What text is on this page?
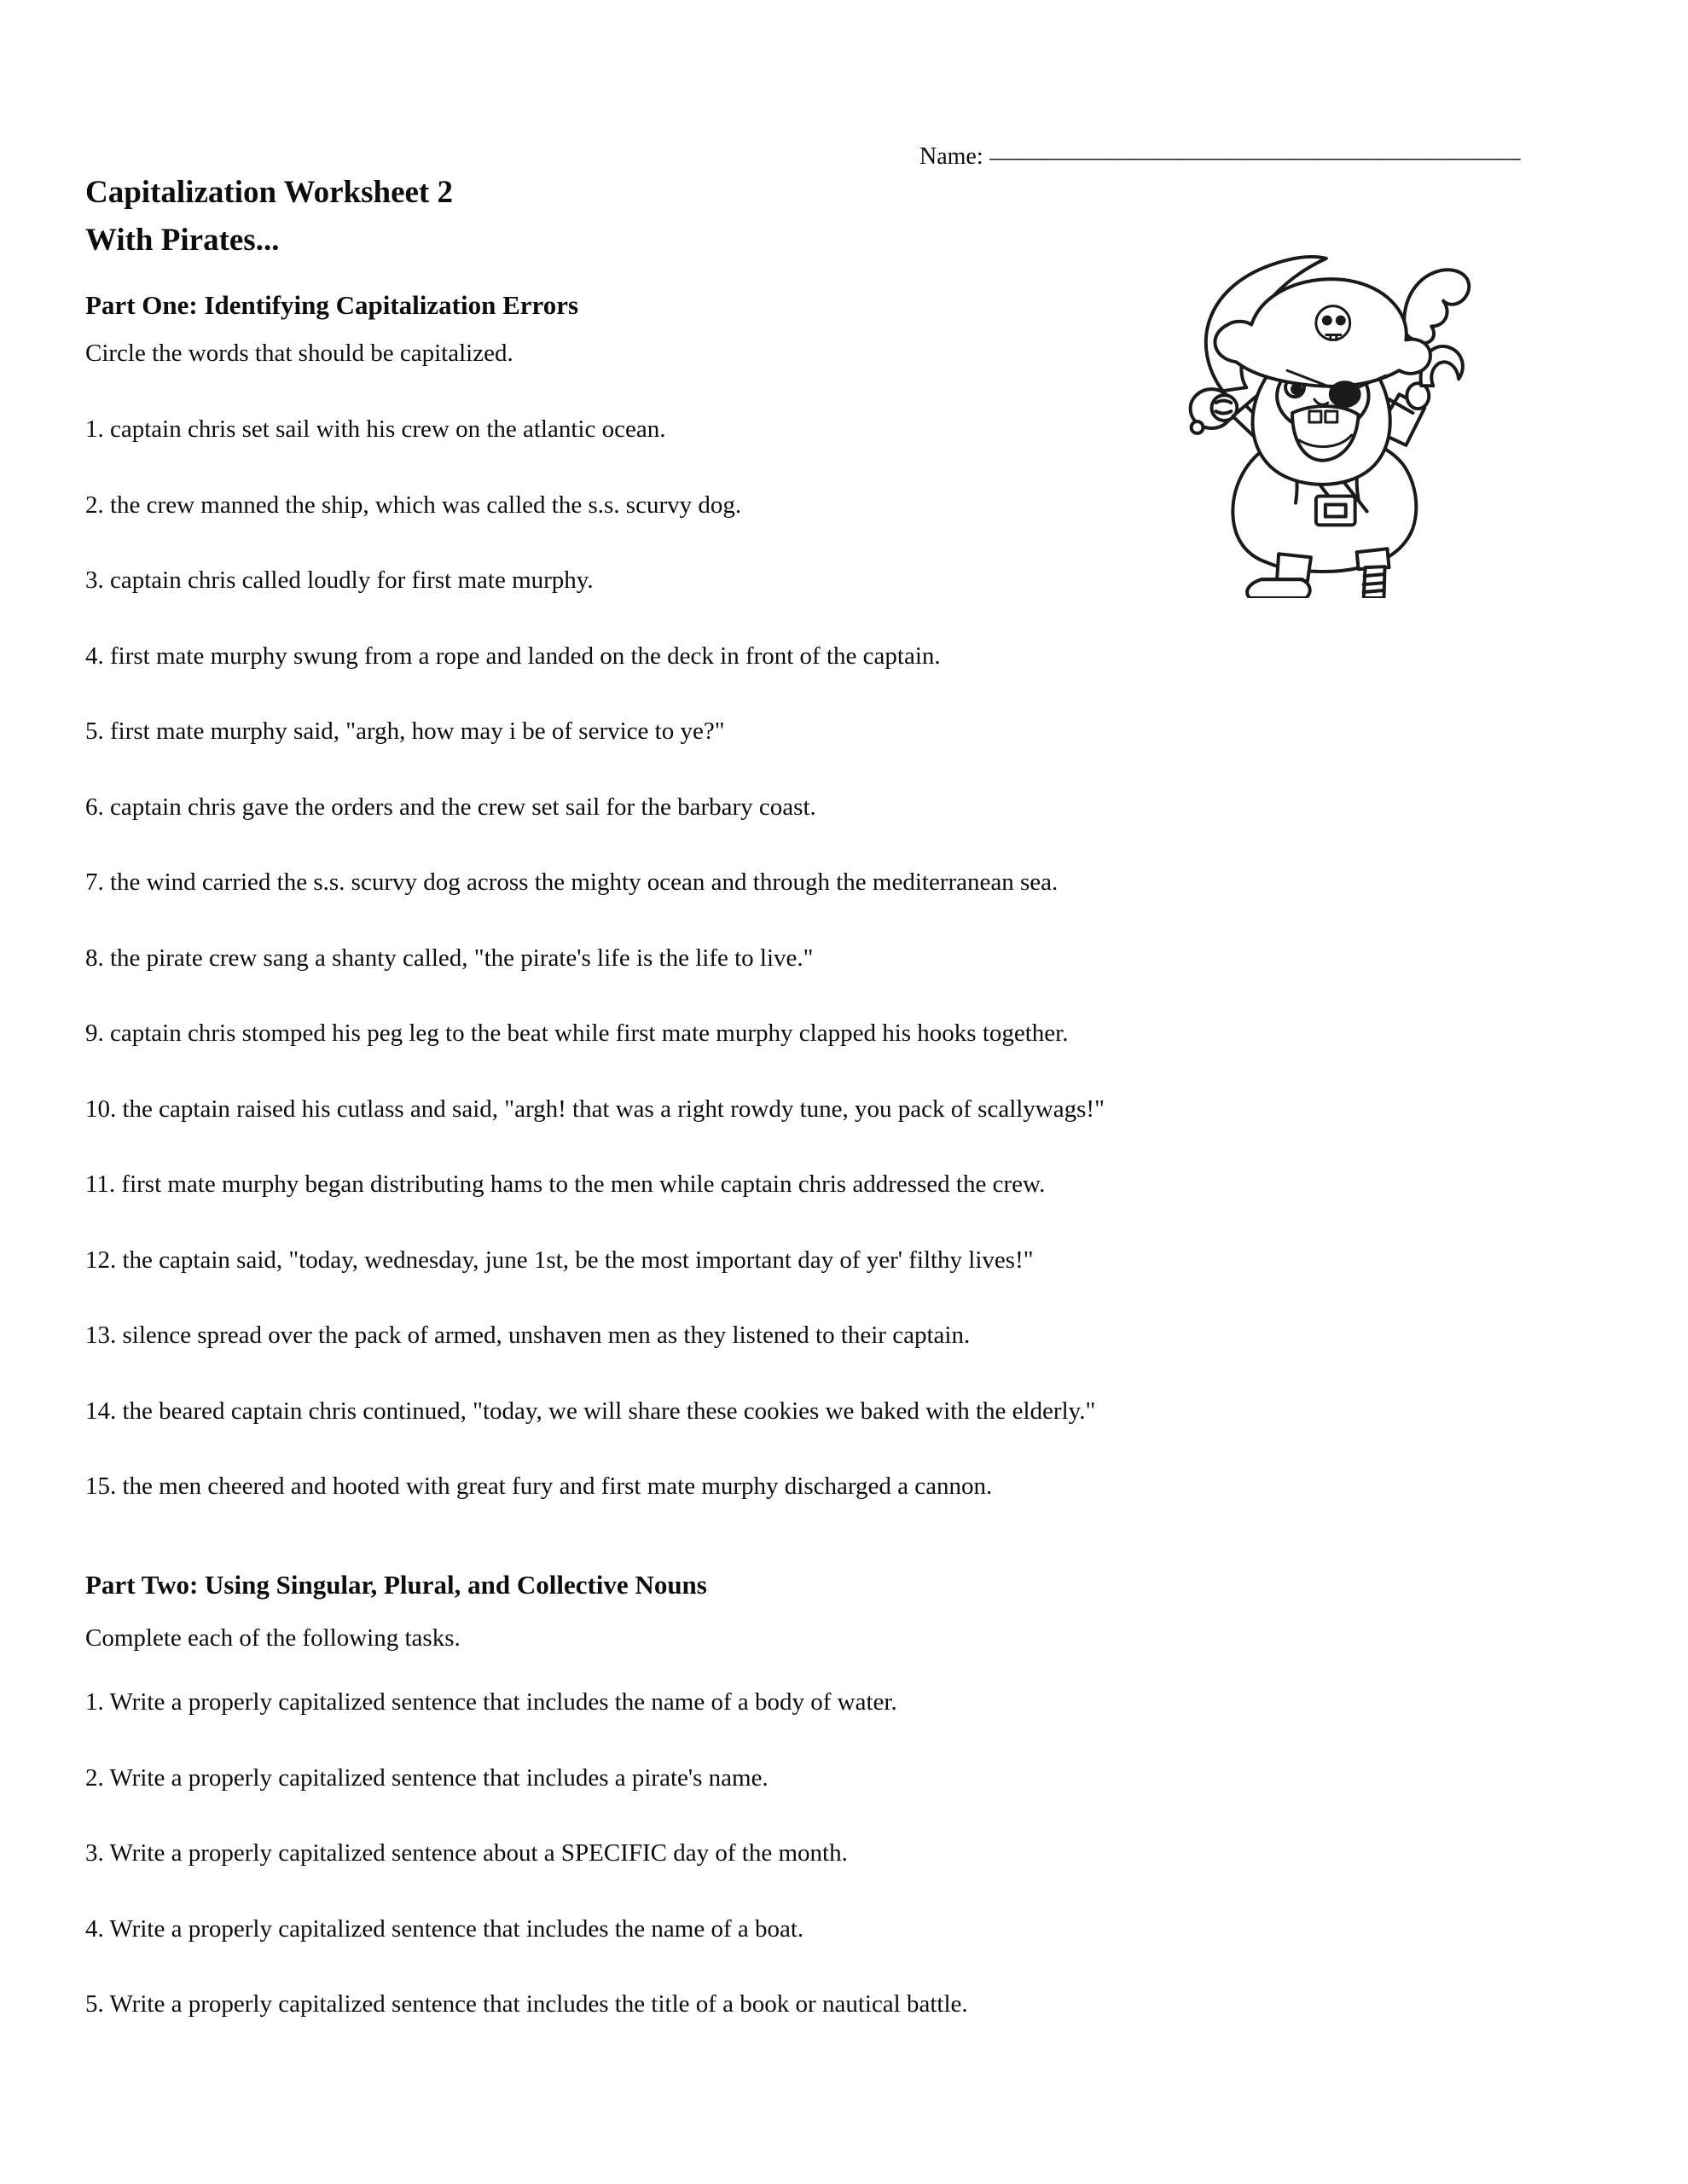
Name: ___________________________________________
Capitalization Worksheet 2
With Pirates...
Part One: Identifying Capitalization Errors
Circle the words that should be capitalized.

1. captain chris set sail with his crew on the atlantic ocean.

2. the crew manned the ship, which was called the s.s. scurvy dog.

3. captain chris called loudly for first mate murphy.

4. first mate murphy swung from a rope and landed on the deck in front of the captain.

5. first mate murphy said, "argh, how may i be of service to ye?"

6. captain chris gave the orders and the crew set sail for the barbary coast.

7. the wind carried the s.s. scurvy dog across the mighty ocean and through the mediterranean sea.

8. the pirate crew sang a shanty called, "the pirate's life is the life to live."

9. captain chris stomped his peg leg to the beat while first mate murphy clapped his hooks together.

10. the captain raised his cutlass and said, "argh! that was a right rowdy tune, you pack of scallywags!"

11. first mate murphy began distributing hams to the men while captain chris addressed the crew.

12. the captain said, "today, wednesday, june 1st, be the most important day of yer' filthy lives!"

13. silence spread over the pack of armed, unshaven men as they listened to their captain.

14. the beared captain chris continued, "today, we will share these cookies we baked with the elderly."

15. the men cheered and hooted with great fury and first mate murphy discharged a cannon.

Part Two: Using Singular, Plural, and Collective Nouns
Complete each of the following tasks.

1. Write a properly capitalized sentence that includes the name of a body of water.

2. Write a properly capitalized sentence that includes a pirate's name.

3. Write a properly capitalized sentence about a SPECIFIC day of the month.

4. Write a properly capitalized sentence that includes the name of a boat.

5. Write a properly capitalized sentence that includes the title of a book or nautical battle.
